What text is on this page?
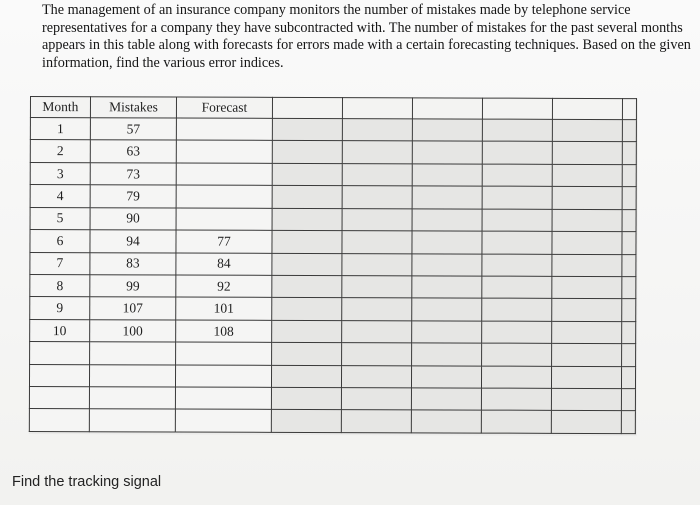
The management of an insurance company monitors the number of mistakes made by telephone service representatives for a company they have subcontracted with. The number of mistakes for the past several months appears in this table along with forecasts for errors made with a certain forecasting techniques. Based on the given information, find the various error indices.

Month	Mistakes	Forecast						
1	57							
2	63							
3	73							
4	79							
5	90							
6	94	77						
7	83	84						
8	99	92						
9	107	101						
10	100	108						

Find the tracking signal
